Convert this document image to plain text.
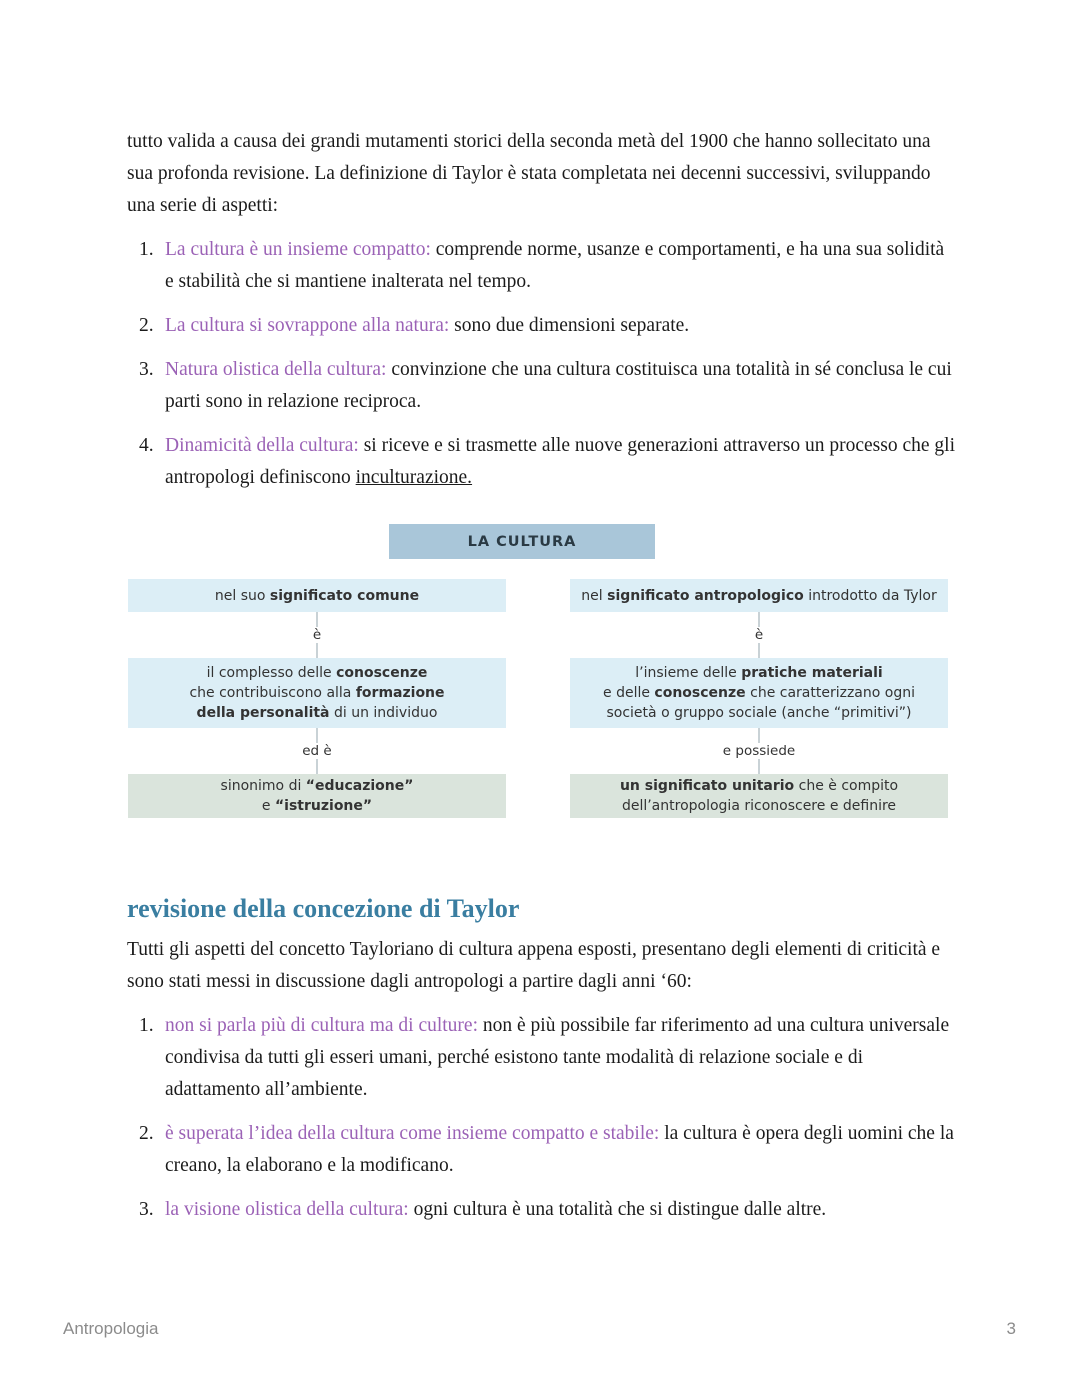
tutto valida a causa dei grandi mutamenti storici della seconda metà del 1900 che hanno sollecitato una sua profonda revisione. La definizione di Taylor è stata completata nei decenni successivi, sviluppando una serie di aspetti:

1. La cultura è un insieme compatto: comprende norme, usanze e comportamenti, e ha una sua solidità e stabilità che si mantiene inalterata nel tempo.
2. La cultura si sovrappone alla natura: sono due dimensioni separate.
3. Natura olistica della cultura: convinzione che una cultura costituisca una totalità in sé conclusa le cui parti sono in relazione reciproca.
4. Dinamicità della cultura: si riceve e si trasmette alle nuove generazioni attraverso un processo che gli antropologi definiscono inculturazione.
LA CULTURA
nel suo significato comune
è
il complesso delle conoscenze
che contribuiscono alla formazione
della personalità di un individuo
ed è
sinonimo di “educazione”
e “istruzione”
nel significato antropologico introdotto da Tylor
è
l’insieme delle pratiche materiali
e delle conoscenze che caratterizzano ogni
società o gruppo sociale (anche “primitivi”)
e possiede
un significato unitario che è compito
dell’antropologia riconoscere e definire
revisione della concezione di Taylor

Tutti gli aspetti del concetto Tayloriano di cultura appena esposti, presentano degli elementi di criticità e sono stati messi in discussione dagli antropologi a partire dagli anni ‘60:

1. non si parla più di cultura ma di culture: non è più possibile far riferimento ad una cultura universale condivisa da tutti gli esseri umani, perché esistono tante modalità di relazione sociale e di adattamento all’ambiente.
2. è superata l’idea della cultura come insieme compatto e stabile: la cultura è opera degli uomini che la creano, la elaborano e la modificano.
3. la visione olistica della cultura: ogni cultura è una totalità che si distingue dalle altre.
Antropologia	3
